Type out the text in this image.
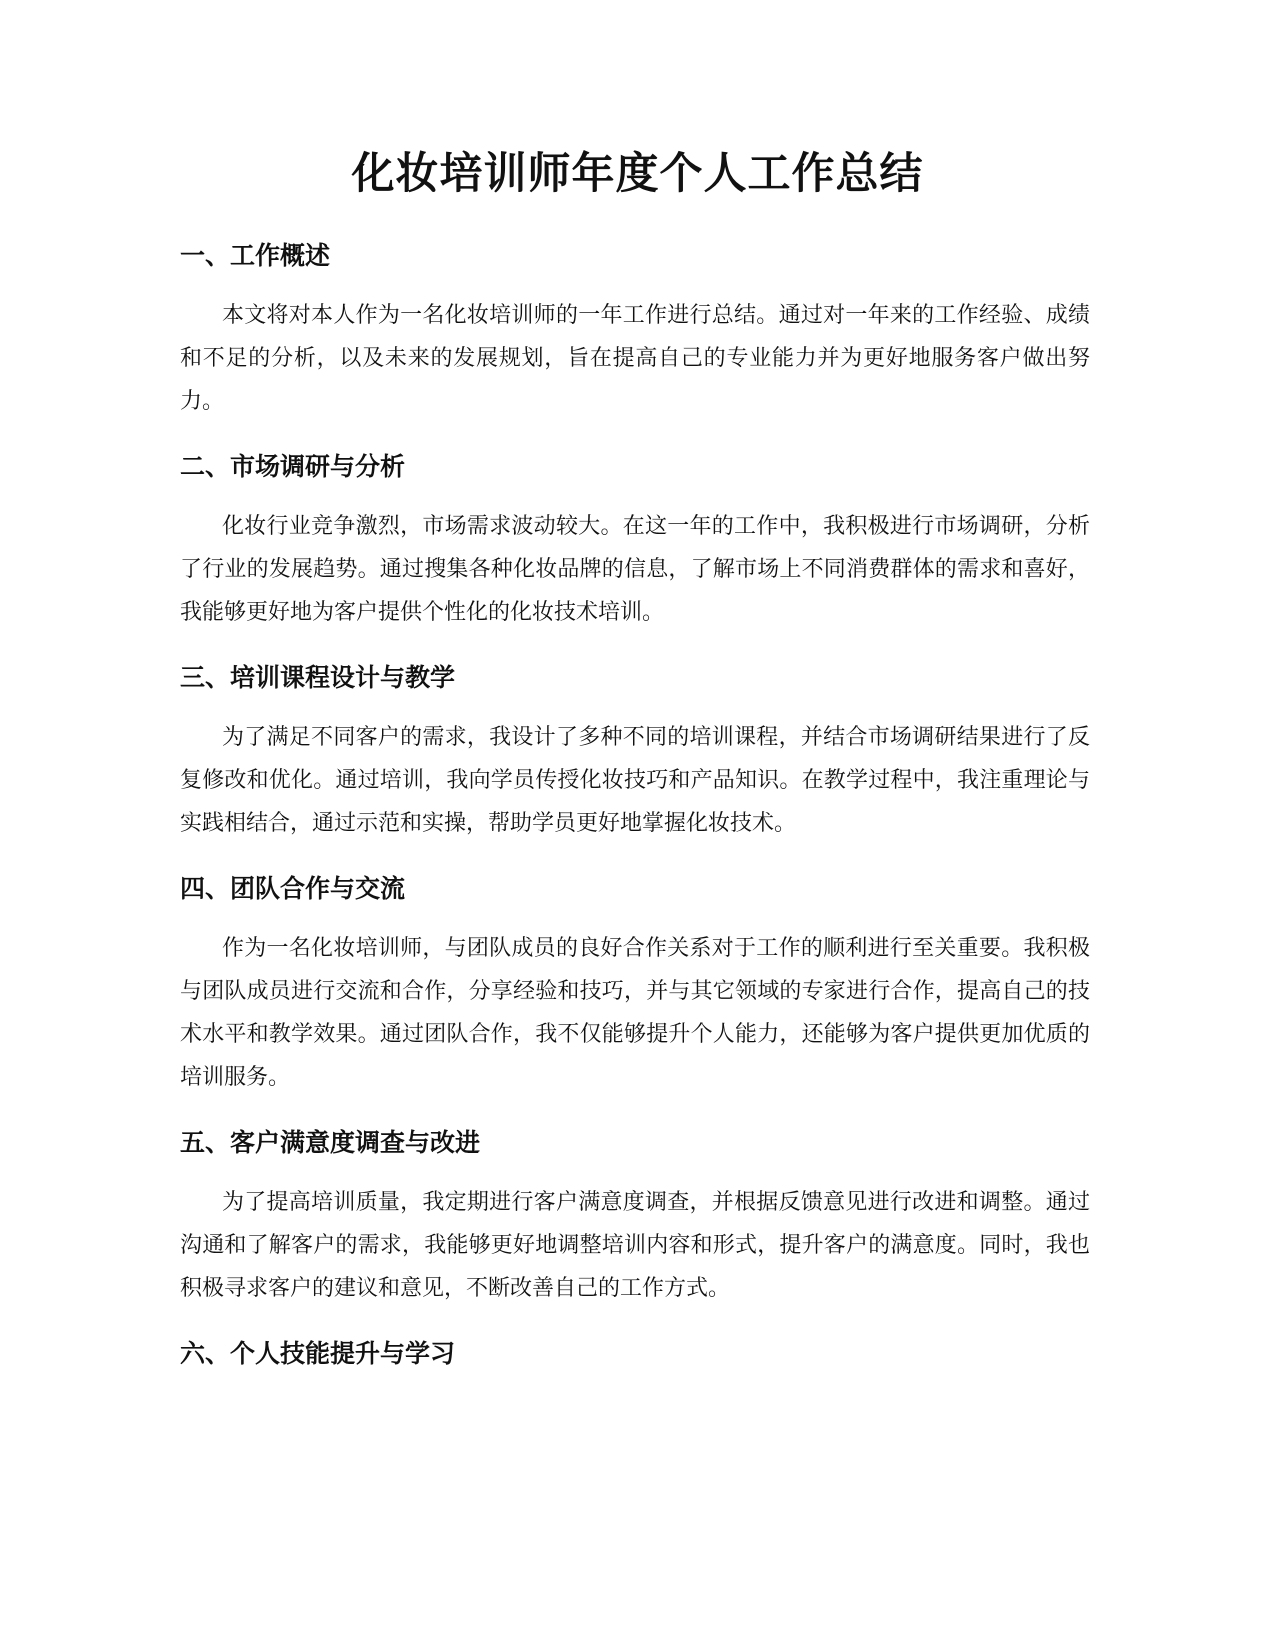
化妆培训师年度个人工作总结
一、工作概述

本文将对本人作为一名化妆培训师的一年工作进行总结。通过对一年来的工作经验、成绩和不足的分析，以及未来的发展规划，旨在提高自己的专业能力并为更好地服务客户做出努力。

二、市场调研与分析

化妆行业竞争激烈，市场需求波动较大。在这一年的工作中，我积极进行市场调研，分析了行业的发展趋势。通过搜集各种化妆品牌的信息，了解市场上不同消费群体的需求和喜好，我能够更好地为客户提供个性化的化妆技术培训。

三、培训课程设计与教学

为了满足不同客户的需求，我设计了多种不同的培训课程，并结合市场调研结果进行了反复修改和优化。通过培训，我向学员传授化妆技巧和产品知识。在教学过程中，我注重理论与实践相结合，通过示范和实操，帮助学员更好地掌握化妆技术。

四、团队合作与交流

作为一名化妆培训师，与团队成员的良好合作关系对于工作的顺利进行至关重要。我积极与团队成员进行交流和合作，分享经验和技巧，并与其它领域的专家进行合作，提高自己的技术水平和教学效果。通过团队合作，我不仅能够提升个人能力，还能够为客户提供更加优质的培训服务。

五、客户满意度调查与改进

为了提高培训质量，我定期进行客户满意度调查，并根据反馈意见进行改进和调整。通过沟通和了解客户的需求，我能够更好地调整培训内容和形式，提升客户的满意度。同时，我也积极寻求客户的建议和意见，不断改善自己的工作方式。

六、个人技能提升与学习
